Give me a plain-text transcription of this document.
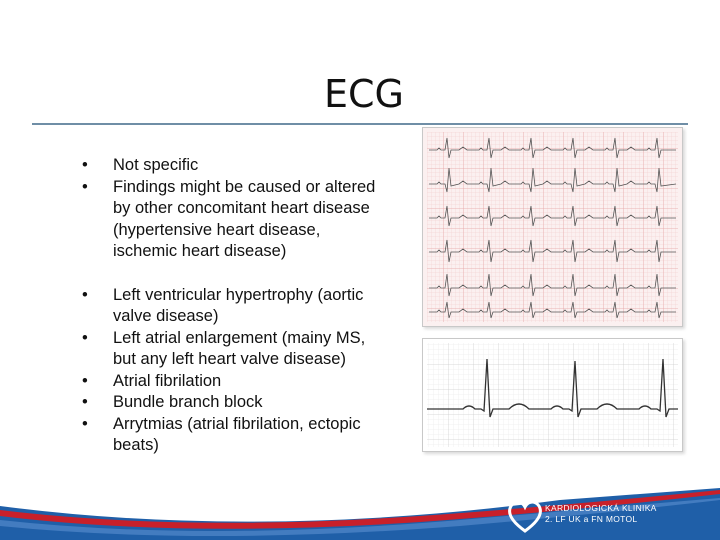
ECG
• Not specific
• Findings might be caused or altered by other concomitant heart disease (hypertensive heart disease, ischemic heart disease)
• Left ventricular hypertrophy (aortic valve disease)
• Left atrial enlargement (mainy MS, but any left heart valve disease)
• Atrial fibrilation
• Bundle branch block
• Arrytmias (atrial fibrilation, ectopic beats)
KARDIOLOGICKÁ KLINIKA
2. LF UK a FN MOTOL
